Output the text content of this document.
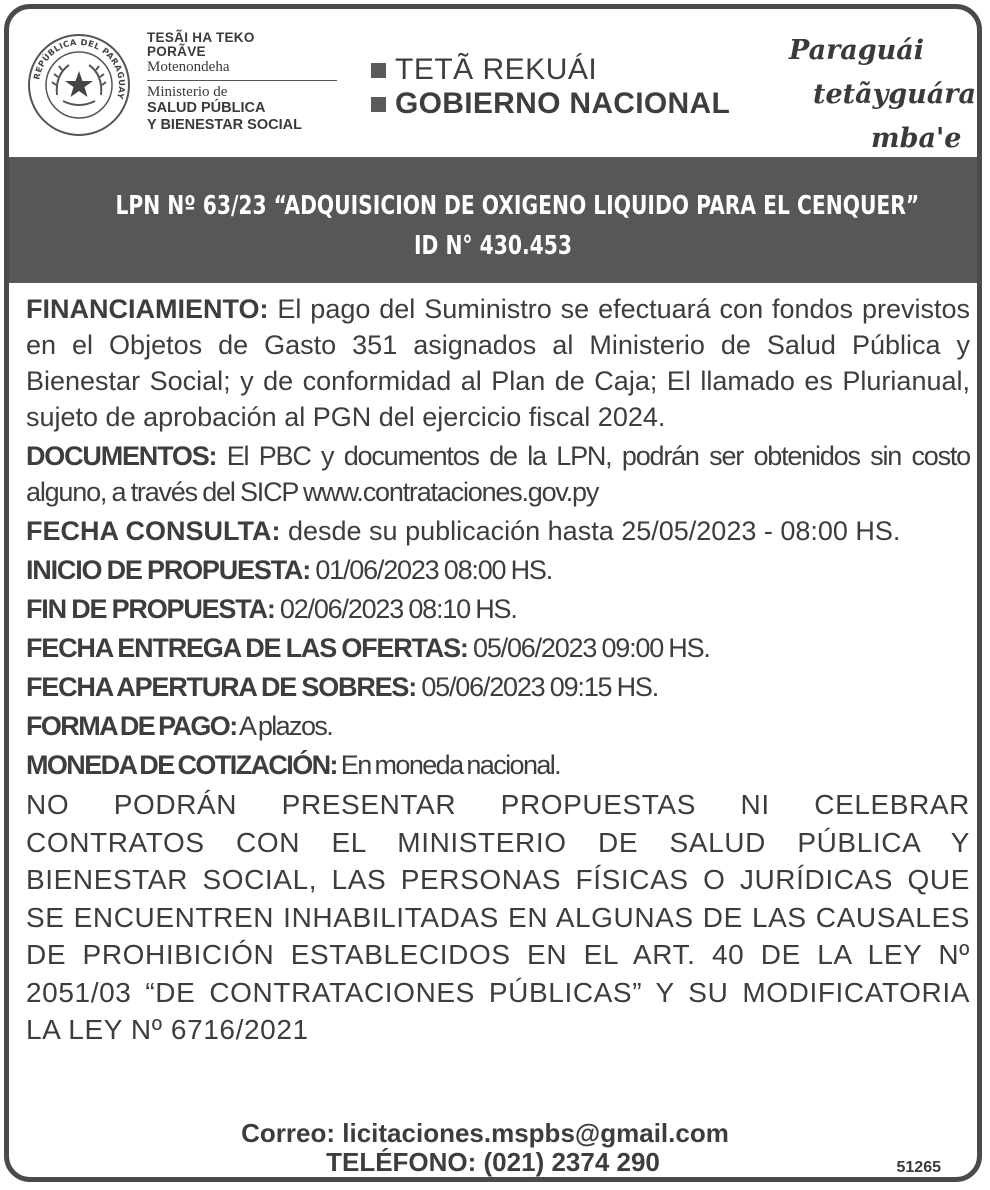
REPÚBLICA DEL PARAGUAY
TESÃI HA TEKO
PORÃVE
Motenondeha
Ministerio de
SALUD PÚBLICA
Y BIENESTAR SOCIAL
TETÃ REKUÁI
GOBIERNO NACIONAL
Paraguái
tetãyguára
mba'e
LPN Nº 63/23 “ADQUISICION DE OXIGENO LIQUIDO PARA EL CENQUER”
ID N° 430.453

FINANCIAMIENTO: El pago del Suministro se efectuará con fondos previstos en el Objetos de Gasto 351 asignados al Ministerio de Salud Pública y Bienestar Social; y de conformidad al Plan de Caja; El llamado es Plurianual, sujeto de aprobación al PGN del ejercicio fiscal 2024.

DOCUMENTOS: El PBC y documentos de la LPN, podrán ser obtenidos sin costo alguno, a través del SICP www.contrataciones.gov.py

FECHA CONSULTA: desde su publicación hasta 25/05/2023 - 08:00 HS.

INICIO DE PROPUESTA: 01/06/2023 08:00 HS.

FIN DE PROPUESTA: 02/06/2023 08:10 HS.

FECHA ENTREGA DE LAS OFERTAS: 05/06/2023 09:00 HS.

FECHA APERTURA DE SOBRES: 05/06/2023 09:15 HS.

FORMA DE PAGO: A plazos.

MONEDA DE COTIZACIÓN: En moneda nacional.

NO PODRÁN PRESENTAR PROPUESTAS NI CELEBRAR CONTRATOS CON EL MINISTERIO DE SALUD PÚBLICA Y BIENESTAR SOCIAL, LAS PERSONAS FÍSICAS O JURÍDICAS QUE SE ENCUENTREN INHABILITADAS EN ALGUNAS DE LAS CAUSALES DE PROHIBICIÓN ESTABLECIDOS EN EL ART. 40 DE LA LEY Nº 2051/03 “DE CONTRATACIONES PÚBLICAS” Y SU MODIFICATORIA LA LEY Nº 6716/2021

Correo: licitaciones.mspbs@gmail.com
TELÉFONO: (021) 2374 290	51265
